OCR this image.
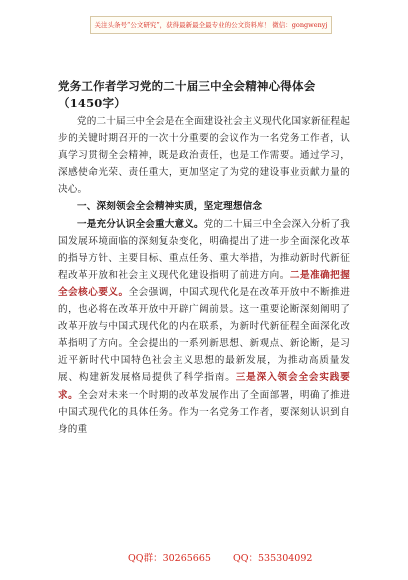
关注头条号“公文研究”，获得最新最全最专业的公文资料库！ 微信：gongwenyj
党务工作者学习党的二十届三中全会精神心得体会（1450字）

党的二十届三中全会是在全面建设社会主义现代化国家新征程起步的关键时期召开的一次十分重要的会议作为一名党务工作者，认真学习贯彻全会精神，既是政治责任，也是工作需要。通过学习，深感使命光荣、责任重大，更加坚定了为党的建设事业贡献力量的决心。

一、深刻领会全会精神实质，坚定理想信念

一是充分认识全会重大意义。党的二十届三中全会深入分析了我国发展环境面临的深刻复杂变化，明确提出了进一步全面深化改革的指导方针、主要目标、重点任务、重大举措，为推动新时代新征程改革开放和社会主义现代化建设指明了前进方向。二是准确把握全会核心要义。全会强调，中国式现代化是在改革开放中不断推进的，也必将在改革开放中开辟广阔前景。这一重要论断深刻阐明了改革开放与中国式现代化的内在联系，为新时代新征程全面深化改革指明了方向。全会提出的一系列新思想、新观点、新论断，是习近平新时代中国特色社会主义思想的最新发展，为推动高质量发展、构建新发展格局提供了科学指南。三是深入领会全会实践要求。全会对未来一个时期的改革发展作出了全面部署，明确了推进中国式现代化的具体任务。作为一名党务工作者，要深刻认识到自身的重

QQ群：30265665 QQ：535304092
